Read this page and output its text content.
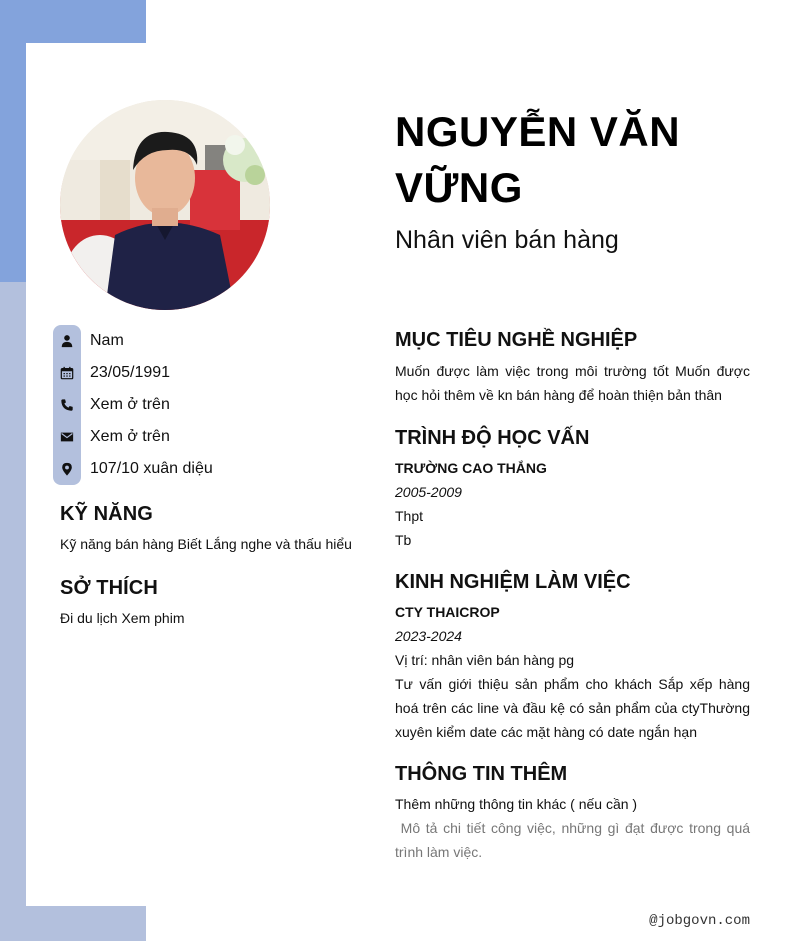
Nam
23/05/1991
Xem ở trên
Xem ở trên
107/10 xuân diệu
KỸ NĂNG
Kỹ năng bán hàng Biết Lắng nghe và thấu hiểu
SỞ THÍCH
Đi du lịch Xem phim
NGUYỄN VĂN VỮNG
Nhân viên bán hàng
MỤC TIÊU NGHỀ NGHIỆP
Muốn được làm việc trong môi trường tốt Muốn được học hỏi thêm về kn bán hàng để hoàn thiện bản thân
TRÌNH ĐỘ HỌC VẤN
TRƯỜNG CAO THẮNG
2005-2009
Thpt
Tb
KINH NGHIỆM LÀM VIỆC
CTY THAICROP
2023-2024
Vị trí: nhân viên bán hàng pg
Tư vấn giới thiệu sản phẩm cho khách Sắp xếp hàng hoá trên các line và đầu kệ có sản phẩm của ctyThường xuyên kiểm date các mặt hàng có date ngắn hạn
THÔNG TIN THÊM
Thêm những thông tin khác ( nếu cần )
Mô tả chi tiết công việc, những gì đạt được trong quá trình làm việc.
@jobgovn.com
